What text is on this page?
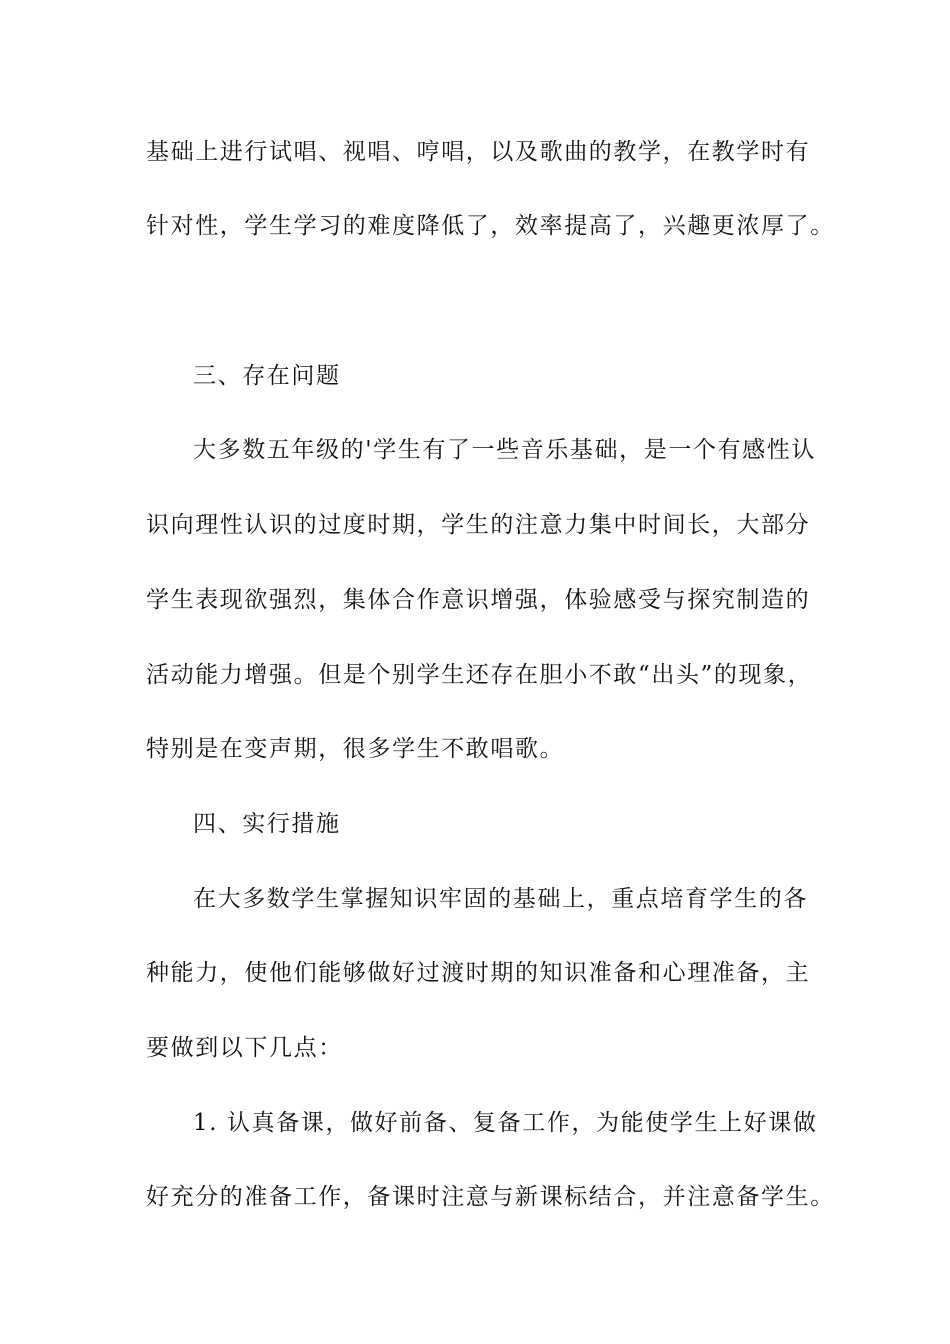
基础上进行试唱、视唱、哼唱，以及歌曲的教学，在教学时有
针对性，学生学习的难度降低了，效率提高了，兴趣更浓厚了。
三、存在问题
大多数五年级的'学生有了一些音乐基础，是一个有感性认
识向理性认识的过度时期，学生的注意力集中时间长，大部分
学生表现欲强烈，集体合作意识增强，体验感受与探究制造的
活动能力增强。但是个别学生还存在胆小不敢“出头”的现象，
特别是在变声期，很多学生不敢唱歌。
四、实行措施
在大多数学生掌握知识牢固的基础上，重点培育学生的各
种能力，使他们能够做好过渡时期的知识准备和心理准备，主
要做到以下几点：
1. 认真备课，做好前备、复备工作，为能使学生上好课做
好充分的准备工作，备课时注意与新课标结合，并注意备学生。
